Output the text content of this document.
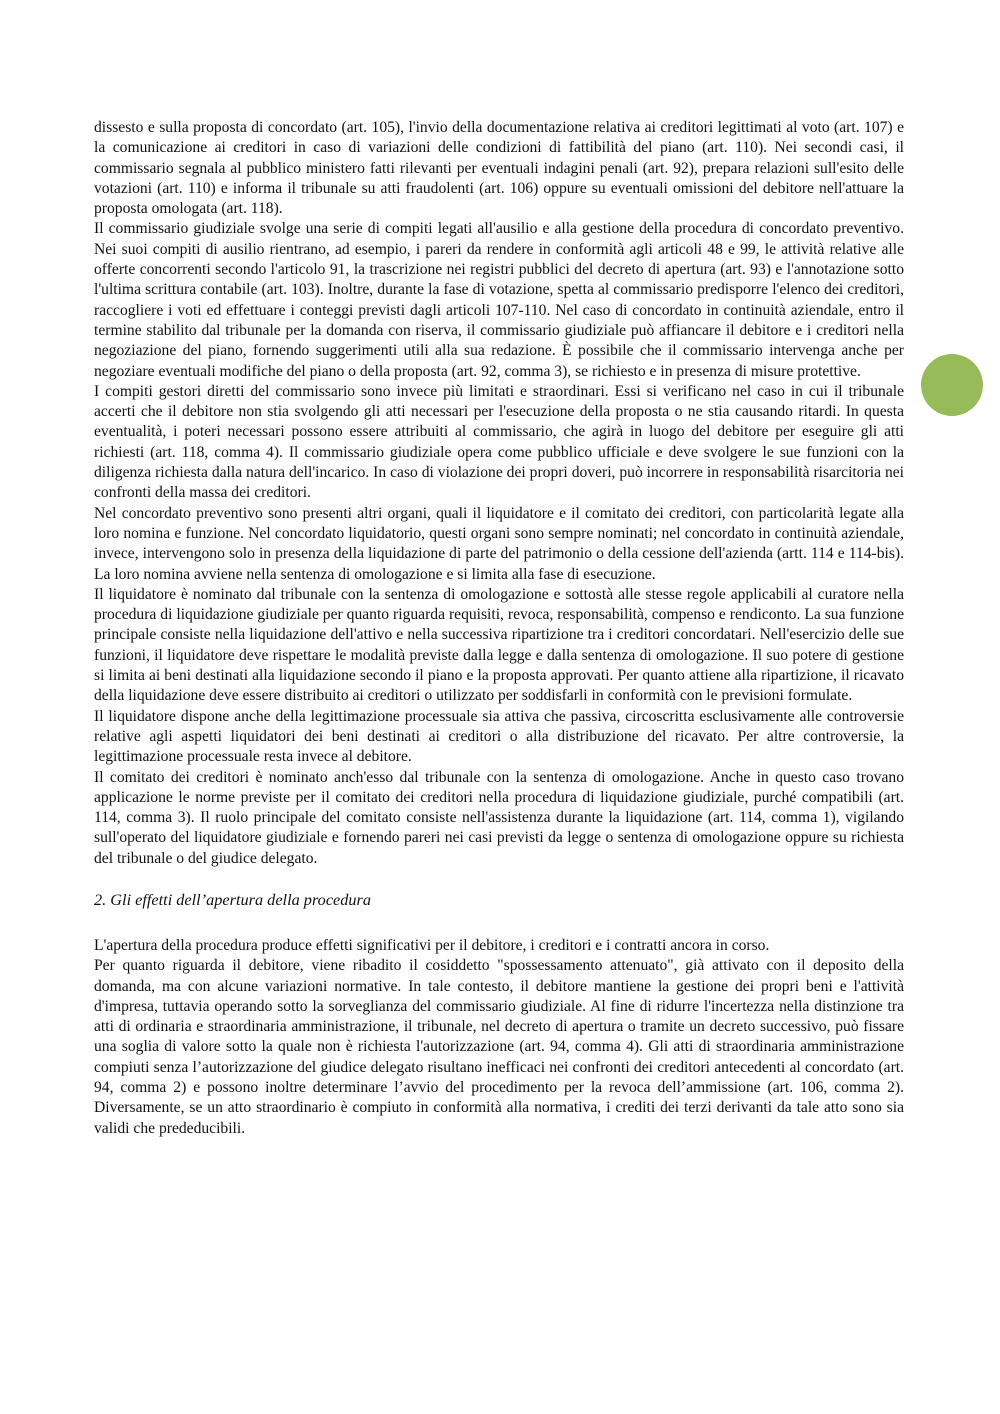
dissesto e sulla proposta di concordato (art. 105), l'invio della documentazione relativa ai creditori legittimati al voto (art. 107) e la comunicazione ai creditori in caso di variazioni delle condizioni di fattibilità del piano (art. 110). Nei secondi casi, il commissario segnala al pubblico ministero fatti rilevanti per eventuali indagini penali (art. 92), prepara relazioni sull'esito delle votazioni (art. 110) e informa il tribunale su atti fraudolenti (art. 106) oppure su eventuali omissioni del debitore nell'attuare la proposta omologata (art. 118).

Il commissario giudiziale svolge una serie di compiti legati all'ausilio e alla gestione della procedura di concordato preventivo. Nei suoi compiti di ausilio rientrano, ad esempio, i pareri da rendere in conformità agli articoli 48 e 99, le attività relative alle offerte concorrenti secondo l'articolo 91, la trascrizione nei registri pubblici del decreto di apertura (art. 93) e l'annotazione sotto l'ultima scrittura contabile (art. 103). Inoltre, durante la fase di votazione, spetta al commissario predisporre l'elenco dei creditori, raccogliere i voti ed effettuare i conteggi previsti dagli articoli 107-110. Nel caso di concordato in continuità aziendale, entro il termine stabilito dal tribunale per la domanda con riserva, il commissario giudiziale può affiancare il debitore e i creditori nella negoziazione del piano, fornendo suggerimenti utili alla sua redazione. È possibile che il commissario intervenga anche per negoziare eventuali modifiche del piano o della proposta (art. 92, comma 3), se richiesto e in presenza di misure protettive.

I compiti gestori diretti del commissario sono invece più limitati e straordinari. Essi si verificano nel caso in cui il tribunale accerti che il debitore non stia svolgendo gli atti necessari per l'esecuzione della proposta o ne stia causando ritardi. In questa eventualità, i poteri necessari possono essere attribuiti al commissario, che agirà in luogo del debitore per eseguire gli atti richiesti (art. 118, comma 4). Il commissario giudiziale opera come pubblico ufficiale e deve svolgere le sue funzioni con la diligenza richiesta dalla natura dell'incarico. In caso di violazione dei propri doveri, può incorrere in responsabilità risarcitoria nei confronti della massa dei creditori.

Nel concordato preventivo sono presenti altri organi, quali il liquidatore e il comitato dei creditori, con particolarità legate alla loro nomina e funzione. Nel concordato liquidatorio, questi organi sono sempre nominati; nel concordato in continuità aziendale, invece, intervengono solo in presenza della liquidazione di parte del patrimonio o della cessione dell'azienda (artt. 114 e 114-bis). La loro nomina avviene nella sentenza di omologazione e si limita alla fase di esecuzione.

Il liquidatore è nominato dal tribunale con la sentenza di omologazione e sottostà alle stesse regole applicabili al curatore nella procedura di liquidazione giudiziale per quanto riguarda requisiti, revoca, responsabilità, compenso e rendiconto. La sua funzione principale consiste nella liquidazione dell'attivo e nella successiva ripartizione tra i creditori concordatari. Nell'esercizio delle sue funzioni, il liquidatore deve rispettare le modalità previste dalla legge e dalla sentenza di omologazione. Il suo potere di gestione si limita ai beni destinati alla liquidazione secondo il piano e la proposta approvati. Per quanto attiene alla ripartizione, il ricavato della liquidazione deve essere distribuito ai creditori o utilizzato per soddisfarli in conformità con le previsioni formulate.

Il liquidatore dispone anche della legittimazione processuale sia attiva che passiva, circoscritta esclusivamente alle controversie relative agli aspetti liquidatori dei beni destinati ai creditori o alla distribuzione del ricavato. Per altre controversie, la legittimazione processuale resta invece al debitore.

Il comitato dei creditori è nominato anch'esso dal tribunale con la sentenza di omologazione. Anche in questo caso trovano applicazione le norme previste per il comitato dei creditori nella procedura di liquidazione giudiziale, purché compatibili (art. 114, comma 3). Il ruolo principale del comitato consiste nell'assistenza durante la liquidazione (art. 114, comma 1), vigilando sull'operato del liquidatore giudiziale e fornendo pareri nei casi previsti da legge o sentenza di omologazione oppure su richiesta del tribunale o del giudice delegato.

2. Gli effetti dell’apertura della procedura

L'apertura della procedura produce effetti significativi per il debitore, i creditori e i contratti ancora in corso.

Per quanto riguarda il debitore, viene ribadito il cosiddetto "spossessamento attenuato", già attivato con il deposito della domanda, ma con alcune variazioni normative. In tale contesto, il debitore mantiene la gestione dei propri beni e l'attività d'impresa, tuttavia operando sotto la sorveglianza del commissario giudiziale. Al fine di ridurre l'incertezza nella distinzione tra atti di ordinaria e straordinaria amministrazione, il tribunale, nel decreto di apertura o tramite un decreto successivo, può fissare una soglia di valore sotto la quale non è richiesta l'autorizzazione (art. 94, comma 4). Gli atti di straordinaria amministrazione compiuti senza l’autorizzazione del giudice delegato risultano inefficaci nei confronti dei creditori antecedenti al concordato (art. 94, comma 2) e possono inoltre determinare l’avvio del procedimento per la revoca dell’ammissione (art. 106, comma 2). Diversamente, se un atto straordinario è compiuto in conformità alla normativa, i crediti dei terzi derivanti da tale atto sono sia validi che prededucibili.
